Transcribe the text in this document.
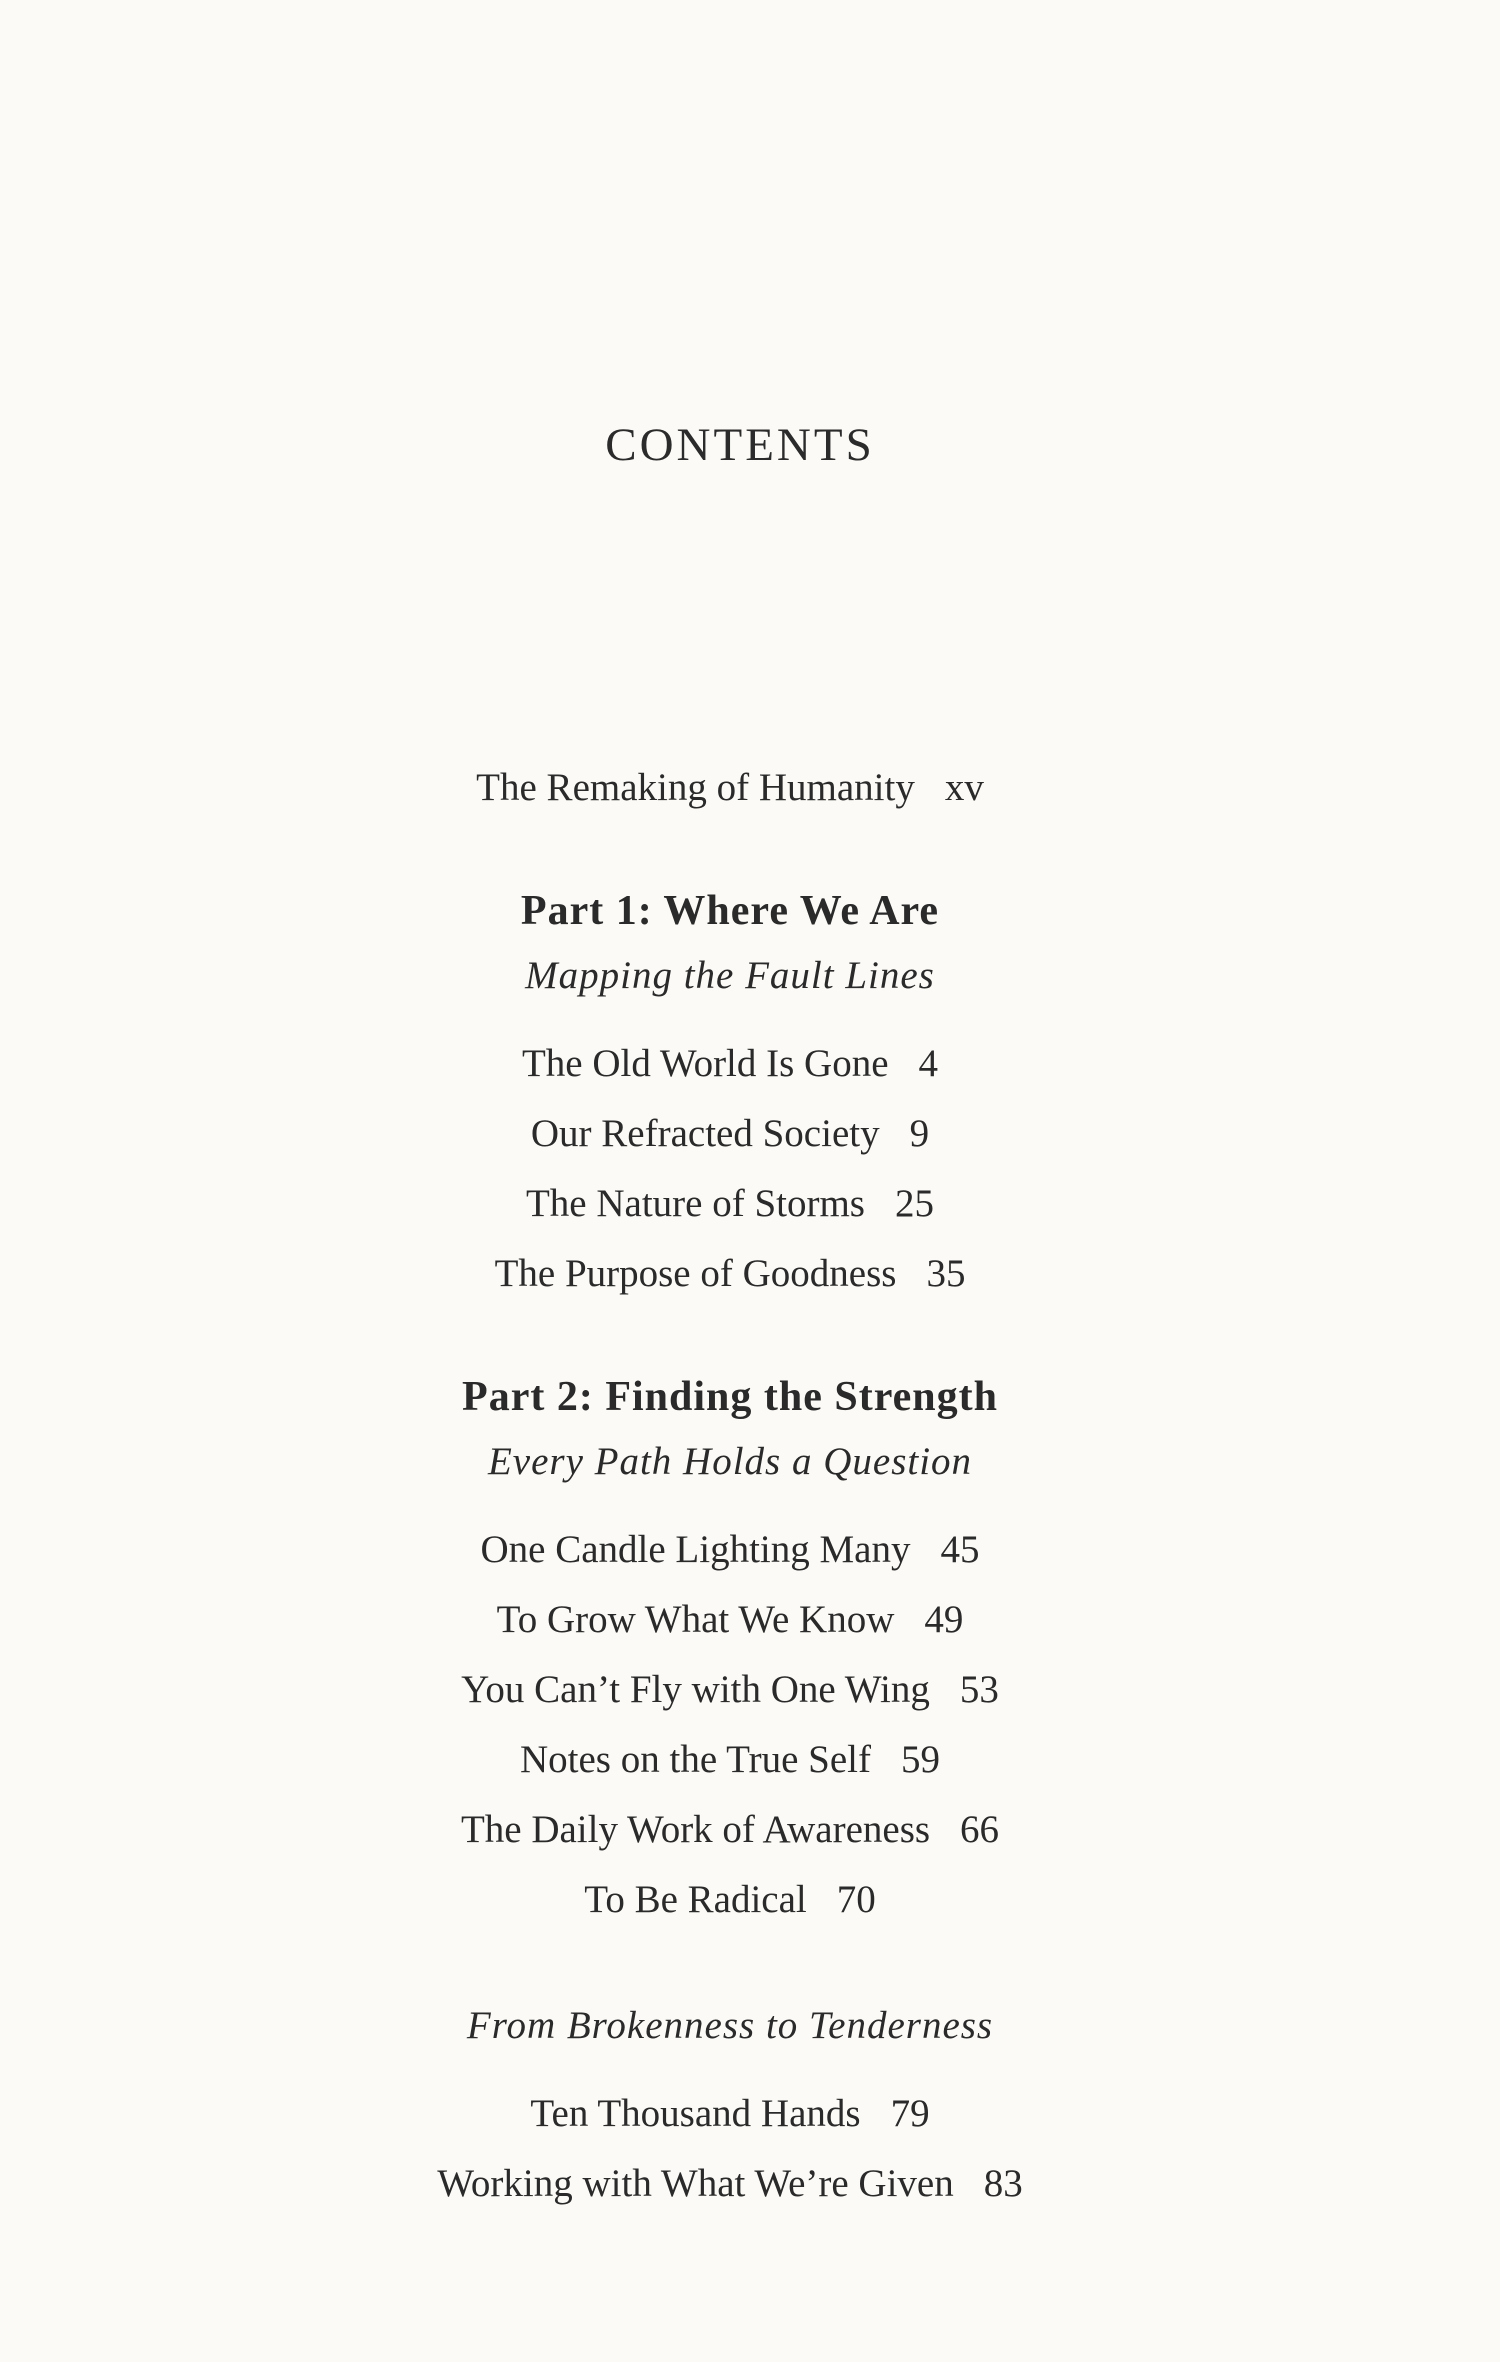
CONTENTS
The Remaking of Humanity xv
Part 1: Where We Are
Mapping the Fault Lines
The Old World Is Gone 4
Our Refracted Society 9
The Nature of Storms 25
The Purpose of Goodness 35
Part 2: Finding the Strength
Every Path Holds a Question
One Candle Lighting Many 45
To Grow What We Know 49
You Can’t Fly with One Wing 53
Notes on the True Self 59
The Daily Work of Awareness 66
To Be Radical 70
From Brokenness to Tenderness
Ten Thousand Hands 79
Working with What We’re Given 83
